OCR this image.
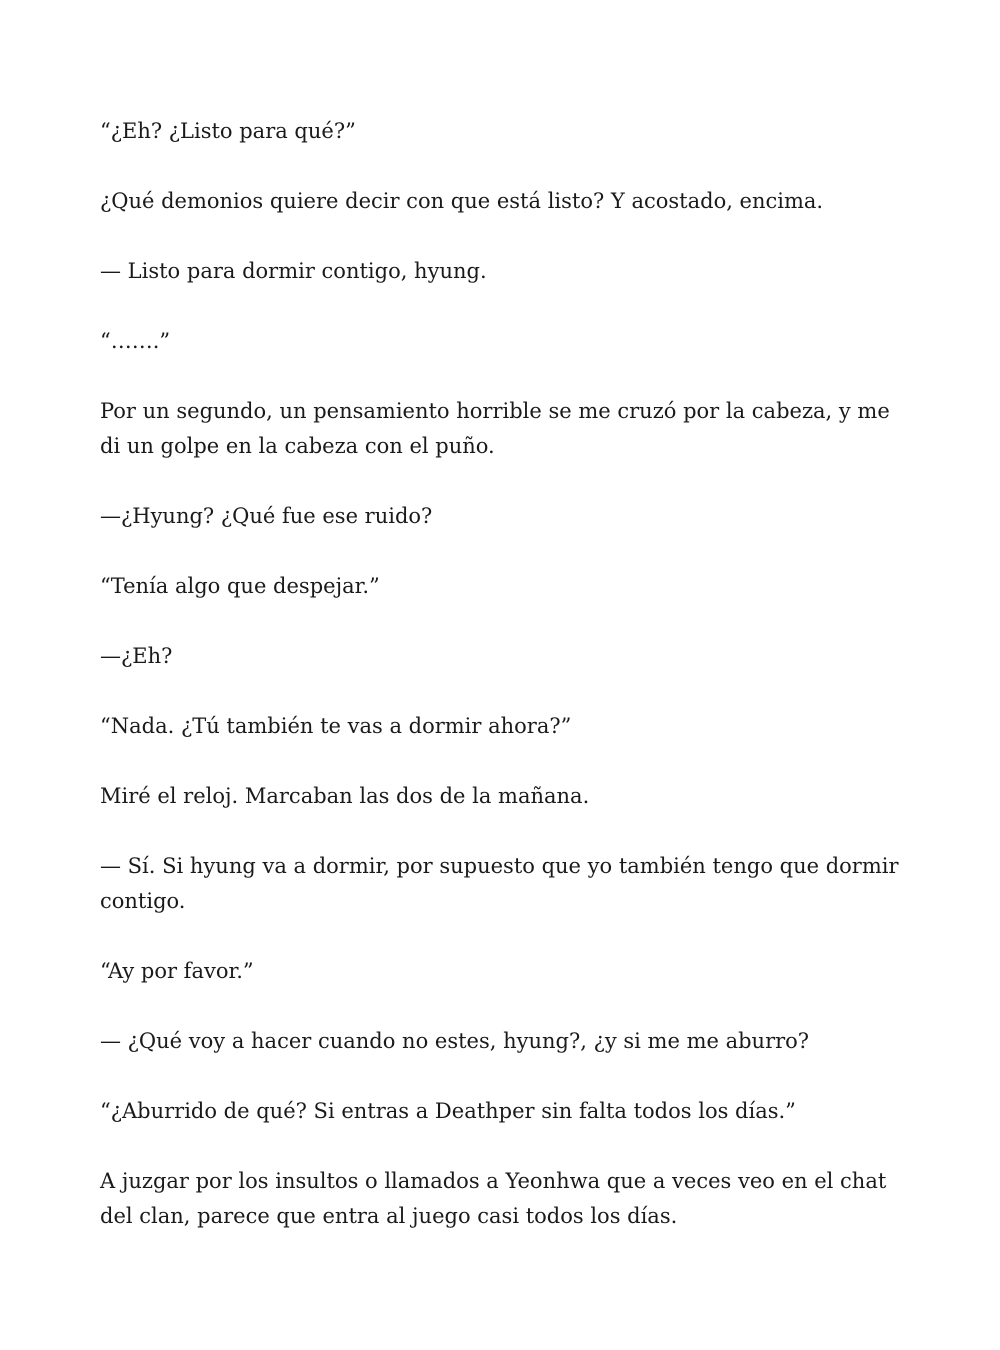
“¿Eh? ¿Listo para qué?”

¿Qué demonios quiere decir con que está listo? Y acostado, encima.

— Listo para dormir contigo, hyung.

“…….”

Por un segundo, un pensamiento horrible se me cruzó por la cabeza, y me di un golpe en la cabeza con el puño.

—¿Hyung? ¿Qué fue ese ruido?

“Tenía algo que despejar.”

—¿Eh?

“Nada. ¿Tú también te vas a dormir ahora?”

Miré el reloj. Marcaban las dos de la mañana.

— Sí. Si hyung va a dormir, por supuesto que yo también tengo que dormir contigo.

“Ay por favor.”

— ¿Qué voy a hacer cuando no estes, hyung?, ¿y si me me aburro?

“¿Aburrido de qué? Si entras a Deathper sin falta todos los días.”

A juzgar por los insultos o llamados a Yeonhwa que a veces veo en el chat del clan, parece que entra al juego casi todos los días.
